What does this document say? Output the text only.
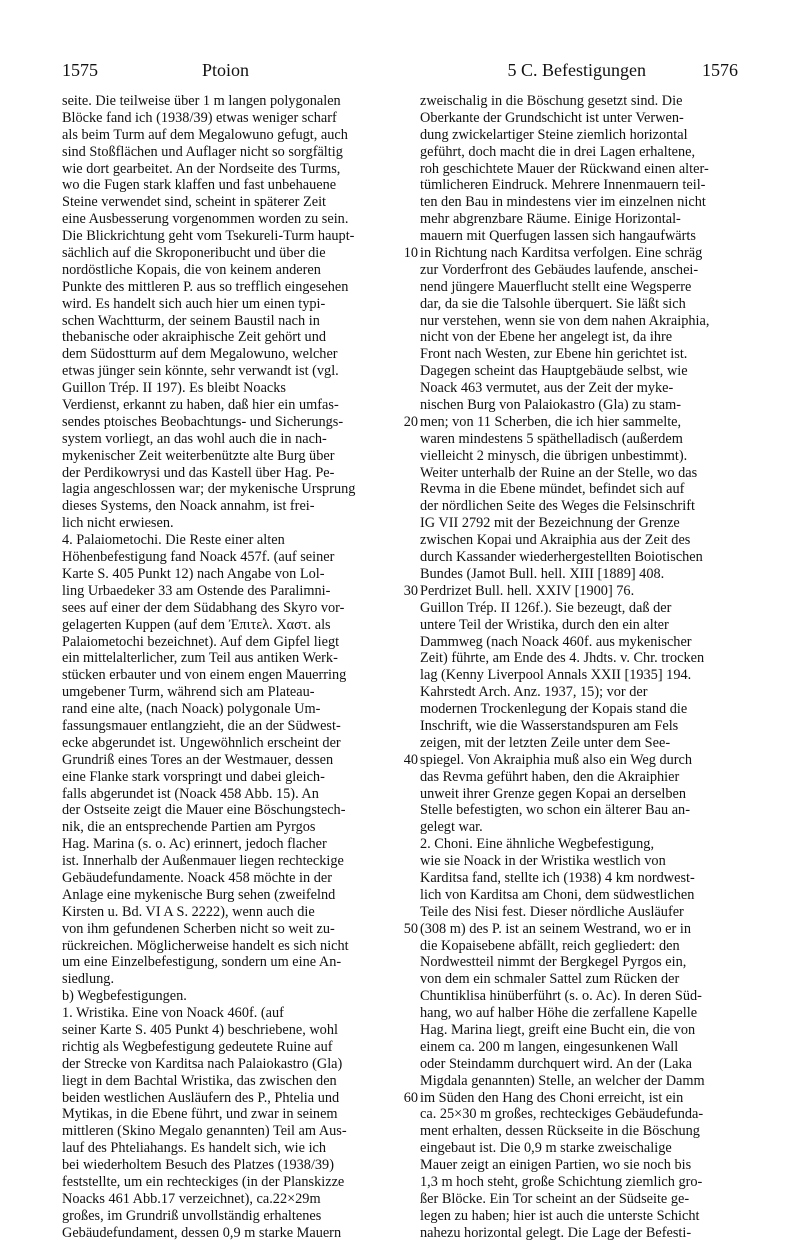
1575	Ptoion	5 C. Befestigungen	1576
seite. Die teilweise über 1 m langen polygonalen
Blöcke fand ich (1938/39) etwas weniger scharf
als beim Turm auf dem Megalowuno gefugt, auch
sind Stoßflächen und Auflager nicht so sorgfältig
wie dort gearbeitet. An der Nordseite des Turms,
wo die Fugen stark klaffen und fast unbehauene
Steine verwendet sind, scheint in späterer Zeit
eine Ausbesserung vorgenommen worden zu sein.
Die Blickrichtung geht vom Tsekureli-Turm haupt-
sächlich auf die Skroponeribucht und über die
nordöstliche Kopais, die von keinem anderen
Punkte des mittleren P. aus so trefflich eingesehen
wird. Es handelt sich auch hier um einen typi-
schen Wachtturm, der seinem Baustil nach in
thebanische oder akraiphische Zeit gehört und
dem Südostturm auf dem Megalowuno, welcher
etwas jünger sein könnte, sehr verwandt ist (vgl.
Guillon Trép. II 197). Es bleibt Noacks
Verdienst, erkannt zu haben, daß hier ein umfas-
sendes ptoisches Beobachtungs- und Sicherungs-
system vorliegt, an das wohl auch die in nach-
mykenischer Zeit weiterbenützte alte Burg über
der Perdikowrysi und das Kastell über Hag. Pe-
lagia angeschlossen war; der mykenische Ursprung
dieses Systems, den Noack annahm, ist frei-
lich nicht erwiesen.
4. Palaiometochi. Die Reste einer alten
Höhenbefestigung fand Noack 457f. (auf seiner
Karte S. 405 Punkt 12) nach Angabe von Lol-
ling Urbaedeker 33 am Ostende des Paralimni-
sees auf einer der dem Südabhang des Skyro vor-
gelagerten Kuppen (auf dem Ἐπιτελ. Χαστ. als
Palaiometochi bezeichnet). Auf dem Gipfel liegt
ein mittelalterlicher, zum Teil aus antiken Werk-
stücken erbauter und von einem engen Mauerring
umgebener Turm, während sich am Plateau-
rand eine alte, (nach Noack) polygonale Um-
fassungsmauer entlangzieht, die an der Südwest-
ecke abgerundet ist. Ungewöhnlich erscheint der
Grundriß eines Tores an der Westmauer, dessen
eine Flanke stark vorspringt und dabei gleich-
falls abgerundet ist (Noack 458 Abb. 15). An
der Ostseite zeigt die Mauer eine Böschungstech-
nik, die an entsprechende Partien am Pyrgos
Hag. Marina (s. o. Ac) erinnert, jedoch flacher
ist. Innerhalb der Außenmauer liegen rechteckige
Gebäudefundamente. Noack 458 möchte in der
Anlage eine mykenische Burg sehen (zweifelnd
Kirsten u. Bd. VI A S. 2222), wenn auch die
von ihm gefundenen Scherben nicht so weit zu-
rückreichen. Möglicherweise handelt es sich nicht
um eine Einzelbefestigung, sondern um eine An-
siedlung.
b) Wegbefestigungen.
1. Wristika. Eine von Noack 460f. (auf
seiner Karte S. 405 Punkt 4) beschriebene, wohl
richtig als Wegbefestigung gedeutete Ruine auf
der Strecke von Karditsa nach Palaiokastro (Gla)
liegt in dem Bachtal Wristika, das zwischen den
beiden westlichen Ausläufern des P., Phtelia und
Mytikas, in die Ebene führt, und zwar in seinem
mittleren (Skino Megalo genannten) Teil am Aus-
lauf des Phteliahangs. Es handelt sich, wie ich
bei wiederholtem Besuch des Platzes (1938/39)
feststellte, um ein rechteckiges (in der Planskizze
Noacks 461 Abb.17 verzeichnet), ca.22×29m
großes, im Grundriß unvollständig erhaltenes
Gebäudefundament, dessen 0,9 m starke Mauern
10
20
30
40
50
60
zweischalig in die Böschung gesetzt sind. Die
Oberkante der Grundschicht ist unter Verwen-
dung zwickelartiger Steine ziemlich horizontal
geführt, doch macht die in drei Lagen erhaltene,
roh geschichtete Mauer der Rückwand einen alter-
tümlicheren Eindruck. Mehrere Innenmauern teil-
ten den Bau in mindestens vier im einzelnen nicht
mehr abgrenzbare Räume. Einige Horizontal-
mauern mit Querfugen lassen sich hangaufwärts
in Richtung nach Karditsa verfolgen. Eine schräg
zur Vorderfront des Gebäudes laufende, anschei-
nend jüngere Mauerflucht stellt eine Wegsperre
dar, da sie die Talsohle überquert. Sie läßt sich
nur verstehen, wenn sie von dem nahen Akraiphia,
nicht von der Ebene her angelegt ist, da ihre
Front nach Westen, zur Ebene hin gerichtet ist.
Dagegen scheint das Hauptgebäude selbst, wie
Noack 463 vermutet, aus der Zeit der myke-
nischen Burg von Palaiokastro (Gla) zu stam-
men; von 11 Scherben, die ich hier sammelte,
waren mindestens 5 späthelladisch (außerdem
vielleicht 2 minysch, die übrigen unbestimmt).
Weiter unterhalb der Ruine an der Stelle, wo das
Revma in die Ebene mündet, befindet sich auf
der nördlichen Seite des Weges die Felsinschrift
IG VII 2792 mit der Bezeichnung der Grenze
zwischen Kopai und Akraiphia aus der Zeit des
durch Kassander wiederhergestellten Boiotischen
Bundes (Jamot Bull. hell. XIII [1889] 408.
Perdrizet Bull. hell. XXIV [1900] 76.
Guillon Trép. II 126f.). Sie bezeugt, daß der
untere Teil der Wristika, durch den ein alter
Dammweg (nach Noack 460f. aus mykenischer
Zeit) führte, am Ende des 4. Jhdts. v. Chr. trocken
lag (Kenny Liverpool Annals XXII [1935] 194.
Kahrstedt Arch. Anz. 1937, 15); vor der
modernen Trockenlegung der Kopais stand die
Inschrift, wie die Wasserstandspuren am Fels
zeigen, mit der letzten Zeile unter dem See-
spiegel. Von Akraiphia muß also ein Weg durch
das Revma geführt haben, den die Akraiphier
unweit ihrer Grenze gegen Kopai an derselben
Stelle befestigten, wo schon ein älterer Bau an-
gelegt war.
2. Choni. Eine ähnliche Wegbefestigung,
wie sie Noack in der Wristika westlich von
Karditsa fand, stellte ich (1938) 4 km nordwest-
lich von Karditsa am Choni, dem südwestlichen
Teile des Nisi fest. Dieser nördliche Ausläufer
(308 m) des P. ist an seinem Westrand, wo er in
die Kopaisebene abfällt, reich gegliedert: den
Nordwestteil nimmt der Bergkegel Pyrgos ein,
von dem ein schmaler Sattel zum Rücken der
Chuntiklisa hinüberführt (s. o. Ac). In deren Süd-
hang, wo auf halber Höhe die zerfallene Kapelle
Hag. Marina liegt, greift eine Bucht ein, die von
einem ca. 200 m langen, eingesunkenen Wall
oder Steindamm durchquert wird. An der (Laka
Migdala genannten) Stelle, an welcher der Damm
im Süden den Hang des Choni erreicht, ist ein
ca. 25×30 m großes, rechteckiges Gebäudefunda-
ment erhalten, dessen Rückseite in die Böschung
eingebaut ist. Die 0,9 m starke zweischalige
Mauer zeigt an einigen Partien, wo sie noch bis
1,3 m hoch steht, große Schichtung ziemlich gro-
ßer Blöcke. Ein Tor scheint an der Südseite ge-
legen zu haben; hier ist auch die unterste Schicht
nahezu horizontal gelegt. Die Lage der Befesti-
